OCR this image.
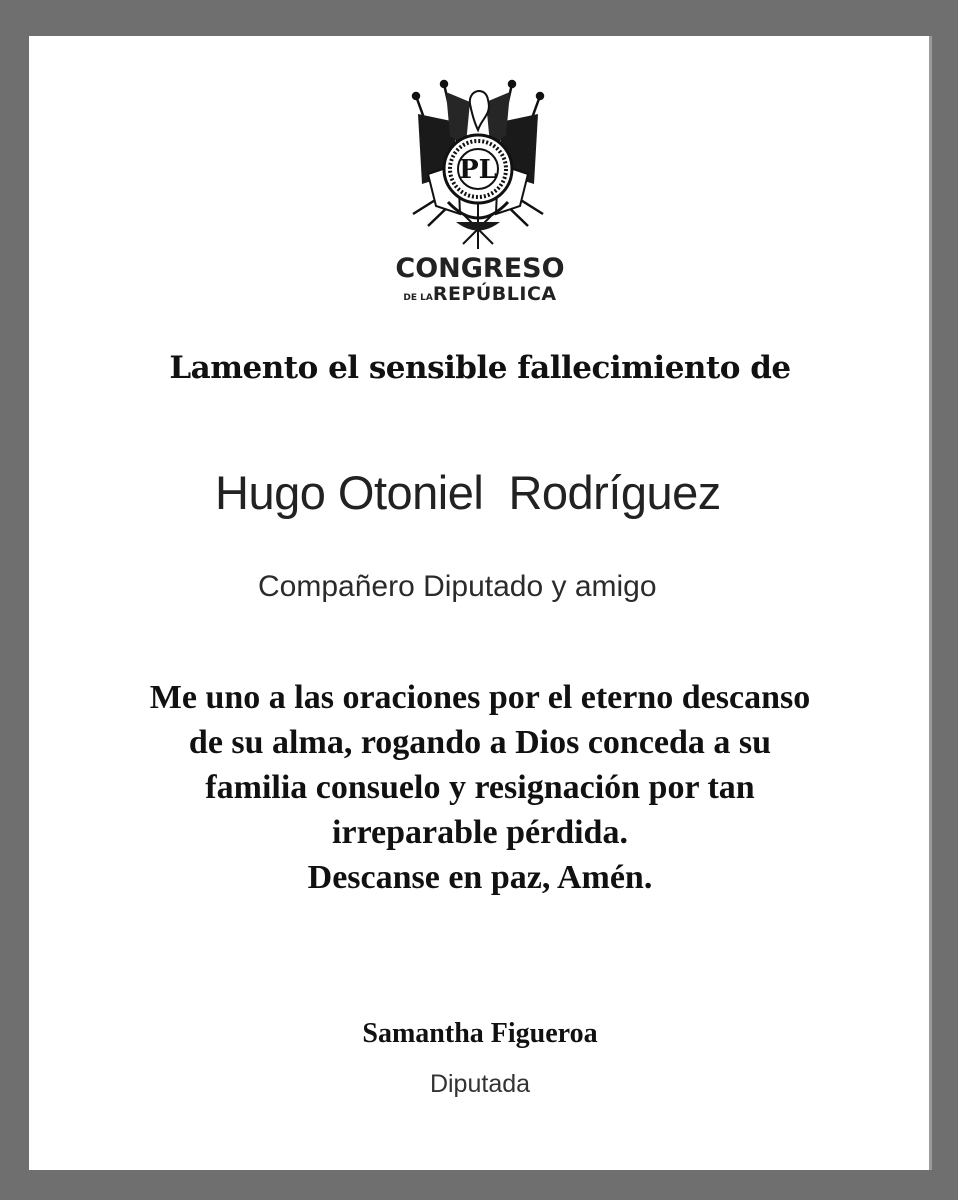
PL
CONGRESO
DE LAREPÚBLICA
Lamento el sensible fallecimiento de
Hugo Otoniel  Rodríguez
Compañero Diputado y amigo
Me uno a las oraciones por el eterno descanso
de su alma, rogando a Dios conceda a su
familia consuelo y resignación por tan
irreparable pérdida.
Descanse en paz, Amén.
Samantha Figueroa
Diputada
